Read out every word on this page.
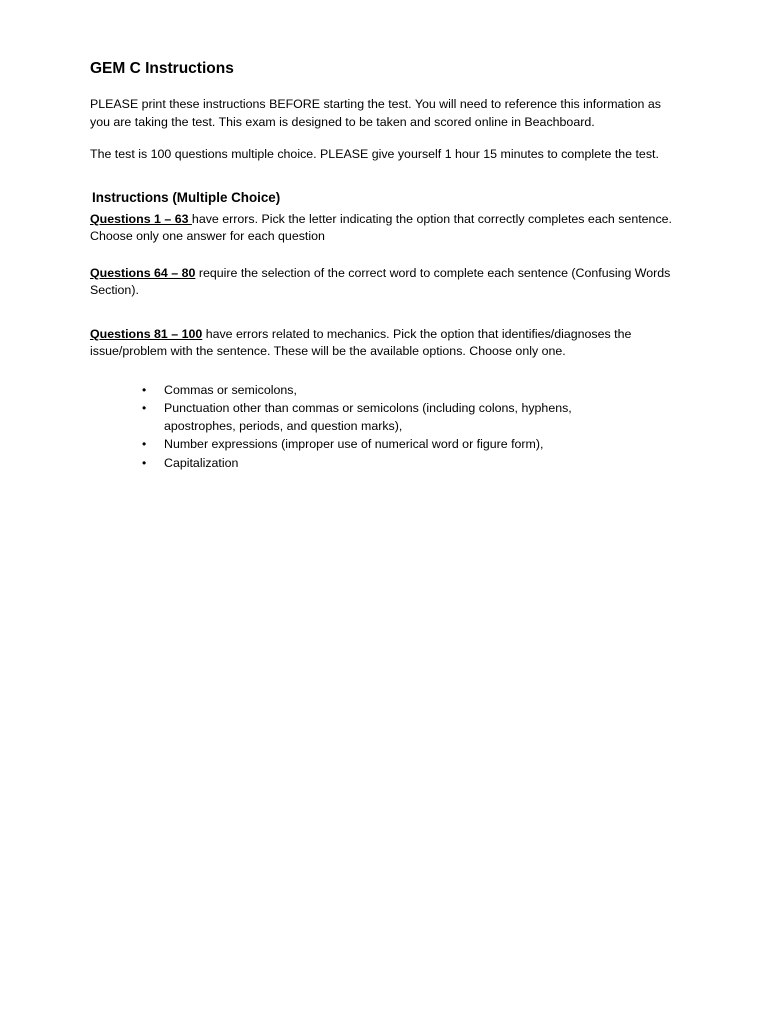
GEM C Instructions

PLEASE print these instructions BEFORE starting the test. You will need to reference this information as you are taking the test. This exam is designed to be taken and scored online in Beachboard.

The test is 100 questions multiple choice. PLEASE give yourself 1 hour 15 minutes to complete the test.

Instructions (Multiple Choice)

Questions 1 – 63 have errors. Pick the letter indicating the option that correctly completes each sentence. Choose only one answer for each question

Questions 64 – 80 require the selection of the correct word to complete each sentence (Confusing Words Section).

Questions 81 – 100 have errors related to mechanics. Pick the option that identifies/diagnoses the issue/problem with the sentence. These will be the available options. Choose only one.

• Commas or semicolons,
• Punctuation other than commas or semicolons (including colons, hyphens, apostrophes, periods, and question marks),
• Number expressions (improper use of numerical word or figure form),
• Capitalization
